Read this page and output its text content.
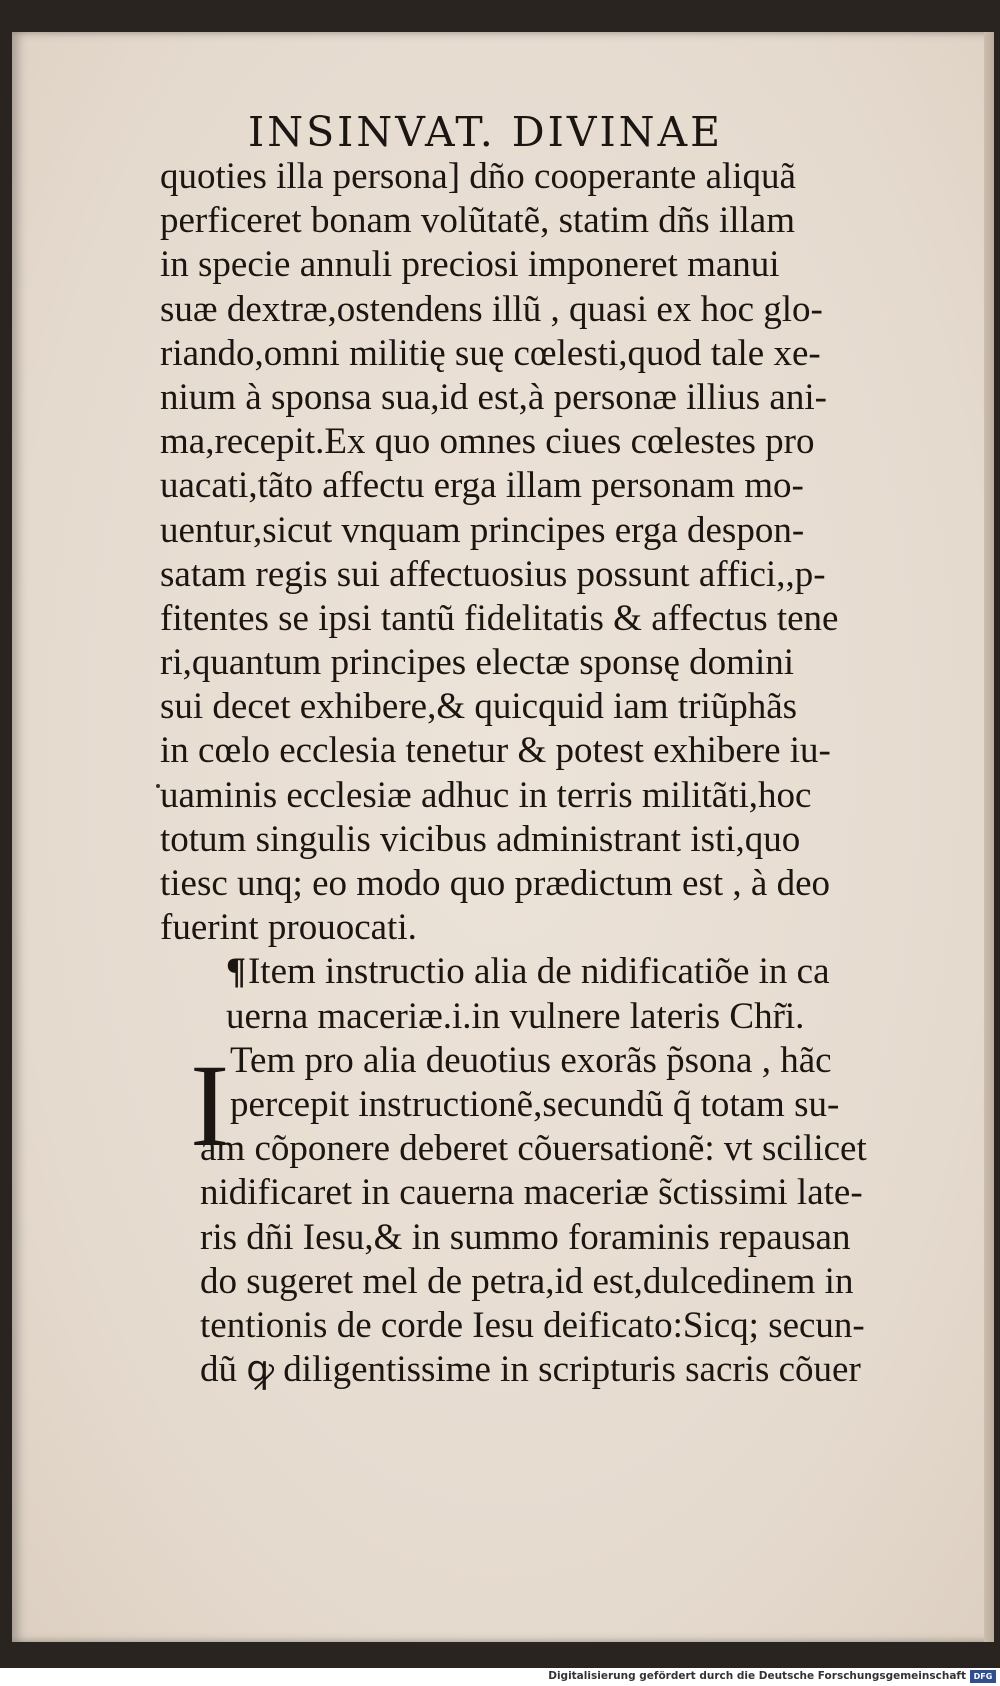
INSINVAT. DIVINAE
quoties illa persona] dño cooperante aliquã
perficeret bonam volũtatẽ, statim dñs illam
in specie annuli preciosi imponeret manui
suæ dextræ,ostendens illũ , quasi ex hoc glo-
riando,omni militię suę cœlesti,quod tale xe-
nium à sponsa sua,id est,à personæ illius ani-
ma,recepit.Ex quo omnes ciues cœlestes pro
uacati,tãto affectu erga illam personam mo-
uentur,sicut vnquam principes erga despon-
satam regis sui affectuosius possunt affici,,p-
fitentes se ipsi tantũ fidelitatis & affectus tene
ri,quantum principes electæ sponsę domini
sui decet exhibere,& quicquid iam triũphãs
in cœlo ecclesia tenetur & potest exhibere iu-
uaminis ecclesiæ adhuc in terris militãti,hoc
totum singulis vicibus administrant isti,quo
tiesc unq; eo modo quo prædictum est , à deo
fuerint prouocati.
¶Item instructio alia de nidificatiõe in ca
uerna maceriæ.i.in vulnere lateris Chr̃i.
I Tem pro alia deuotius exorãs p̃sona , hãc
percepit instructionẽ,secundũ q̃ totam su-
am cõponere deberet cõuersationẽ: vt scilicet
nidificaret in cauerna maceriæ s̃ctissimi late-
ris dñi Iesu,& in summo foraminis repausan
do sugeret mel de petra,id est,dulcedinem in
tentionis de corde Iesu deificato:Sicq; secun-
dũ ꝙ diligentissime in scripturis sacris cõuer
Digitalisierung gefördert durch die Deutsche Forschungsgemeinschaft DFG
